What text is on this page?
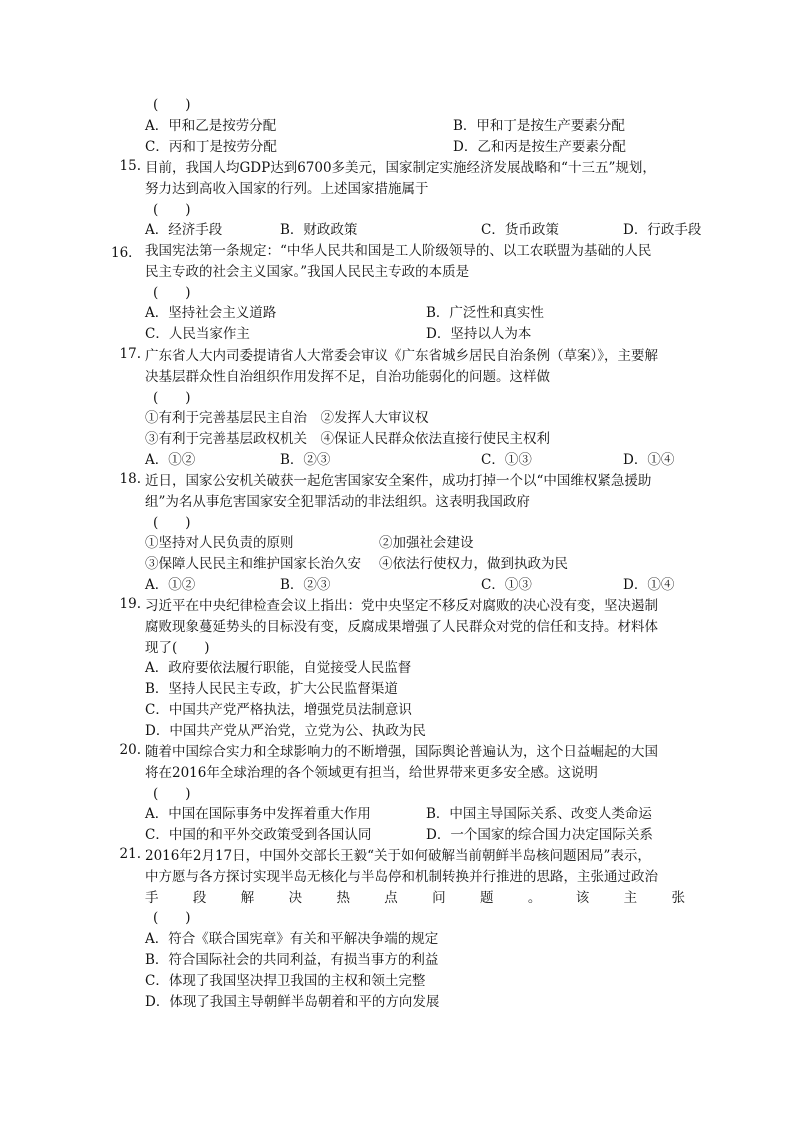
(　　)
A．甲和乙是按劳分配	B．甲和丁是按生产要素分配
C．丙和丁是按劳分配	D．乙和丙是按生产要素分配
15. 目前，我国人均GDP达到6700多美元，国家制定实施经济发展战略和“十三五”规划，
努力达到高收入国家的行列。上述国家措施属于
(　　)
A．经济手段	B．财政政策	C．货币政策	D．行政手段
16． 我国宪法第一条规定：“中华人民共和国是工人阶级领导的、以工农联盟为基础的人民
民主专政的社会主义国家。”我国人民民主专政的本质是
(　　)
A．坚持社会主义道路	B．广泛性和真实性
C．人民当家作主	D．坚持以人为本
17. 广东省人大内司委提请省人大常委会审议《广东省城乡居民自治条例（草案）》，主要解
决基层群众性自治组织作用发挥不足，自治功能弱化的问题。这样做
(　　)
①有利于完善基层民主自治　②发挥人大审议权
③有利于完善基层政权机关　④保证人民群众依法直接行使民主权利
A．①②	B．②③	C．①③	D．①④
18. 近日，国家公安机关破获一起危害国家安全案件，成功打掉一个以“中国维权紧急援助
组”为名从事危害国家安全犯罪活动的非法组织。这表明我国政府
(　　)
①坚持对人民负责的原则	②加强社会建设
③保障人民民主和维护国家长治久安 ④依法行使权力，做到执政为民
A．①②	B．②③	C．①③	D．①④
19. 习近平在中央纪律检查会议上指出：党中央坚定不移反对腐败的决心没有变，坚决遏制
腐败现象蔓延势头的目标没有变，反腐成果增强了人民群众对党的信任和支持。材料体
现了(　　)
A．政府要依法履行职能，自觉接受人民监督
B．坚持人民民主专政，扩大公民监督渠道
C．中国共产党严格执法，增强党员法制意识
D．中国共产党从严治党，立党为公、执政为民
20. 随着中国综合实力和全球影响力的不断增强，国际舆论普遍认为，这个日益崛起的大国
将在2016年全球治理的各个领域更有担当，给世界带来更多安全感。这说明
(　　)
A．中国在国际事务中发挥着重大作用	B．中国主导国际关系、改变人类命运
C．中国的和平外交政策受到各国认同	D．一个国家的综合国力决定国际关系
21. 2016年2月17日，中国外交部长王毅“关于如何破解当前朝鲜半岛核问题困局”表示，
中方愿与各方探讨实现半岛无核化与半岛停和机制转换并行推进的思路，主张通过政治
手	段	解	决	热	点	问	题	。	该	主	张
(　　)
A．符合《联合国宪章》有关和平解决争端的规定
B．符合国际社会的共同利益，有损当事方的利益
C．体现了我国坚决捍卫我国的主权和领土完整
D．体现了我国主导朝鲜半岛朝着和平的方向发展
